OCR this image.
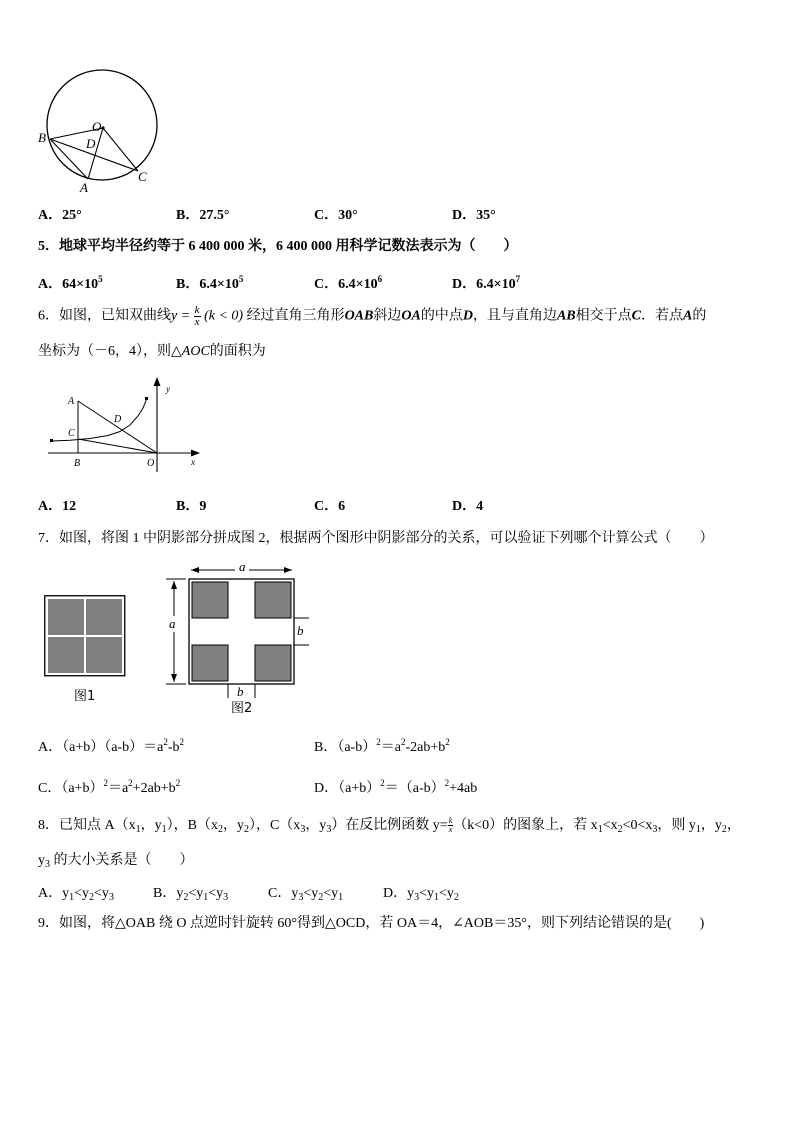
O
B	D
A
C
A．25°	B．27.5°	C．30°	D．35°
5．地球平均半径约等于 6 400 000 米，6 400 000 用科学记数法表示为（　　）
A．$64\times 10^5$	B．$6.4\times 10^5$	C．$6.4\times 10^6$	D．$6.4\times 10^7$
6．如图，已知双曲线$y = \frac{k}{x} (k < 0)$ 经过直角三角形OAB斜边OA的中点D，且与直角边AB相交于点C．若点A的
坐标为（－6，4），则△AOC的面积为
A
D
C
B	O	x
y
A．12	B．9	C．6	D．4
7．如图，将图 1 中阴影部分拼成图 2，根据两个图形中阴影部分的关系，可以验证下列哪个计算公式（　　）
图1
a
a	b
b
图2
A．$(a+b)(a-b)=a^2-b^2$	B．$(a-b)^2=a^2-2ab+b^2$
C．$(a+b)^2=a^2+2ab+b^2$	D．$(a+b)^2=(a-b)^2+4ab$
8．已知点 $A(x_1$，$y_1$），$B(x_2$，$y_2$），$C(x_3$，$y_3$）在反比例函数 $y= \frac{k}{x} (k<0)$的图象上，若 $x_1<x_2<0<x_3$，则 $y_1$，$y_2$，
$y_3$ 的大小关系是（　　）
A．$y_1<y_2<y_3$	B．$y_2<y_1<y_3$	C．$y_3<y_2<y_1$	D．$y_3<y_1<y_2$
9．如图，将△OAB 绕 O 点逆时针旋转 60°得到△OCD，若 OA＝4，∠AOB＝35°，则下列结论错误的是(　　)
